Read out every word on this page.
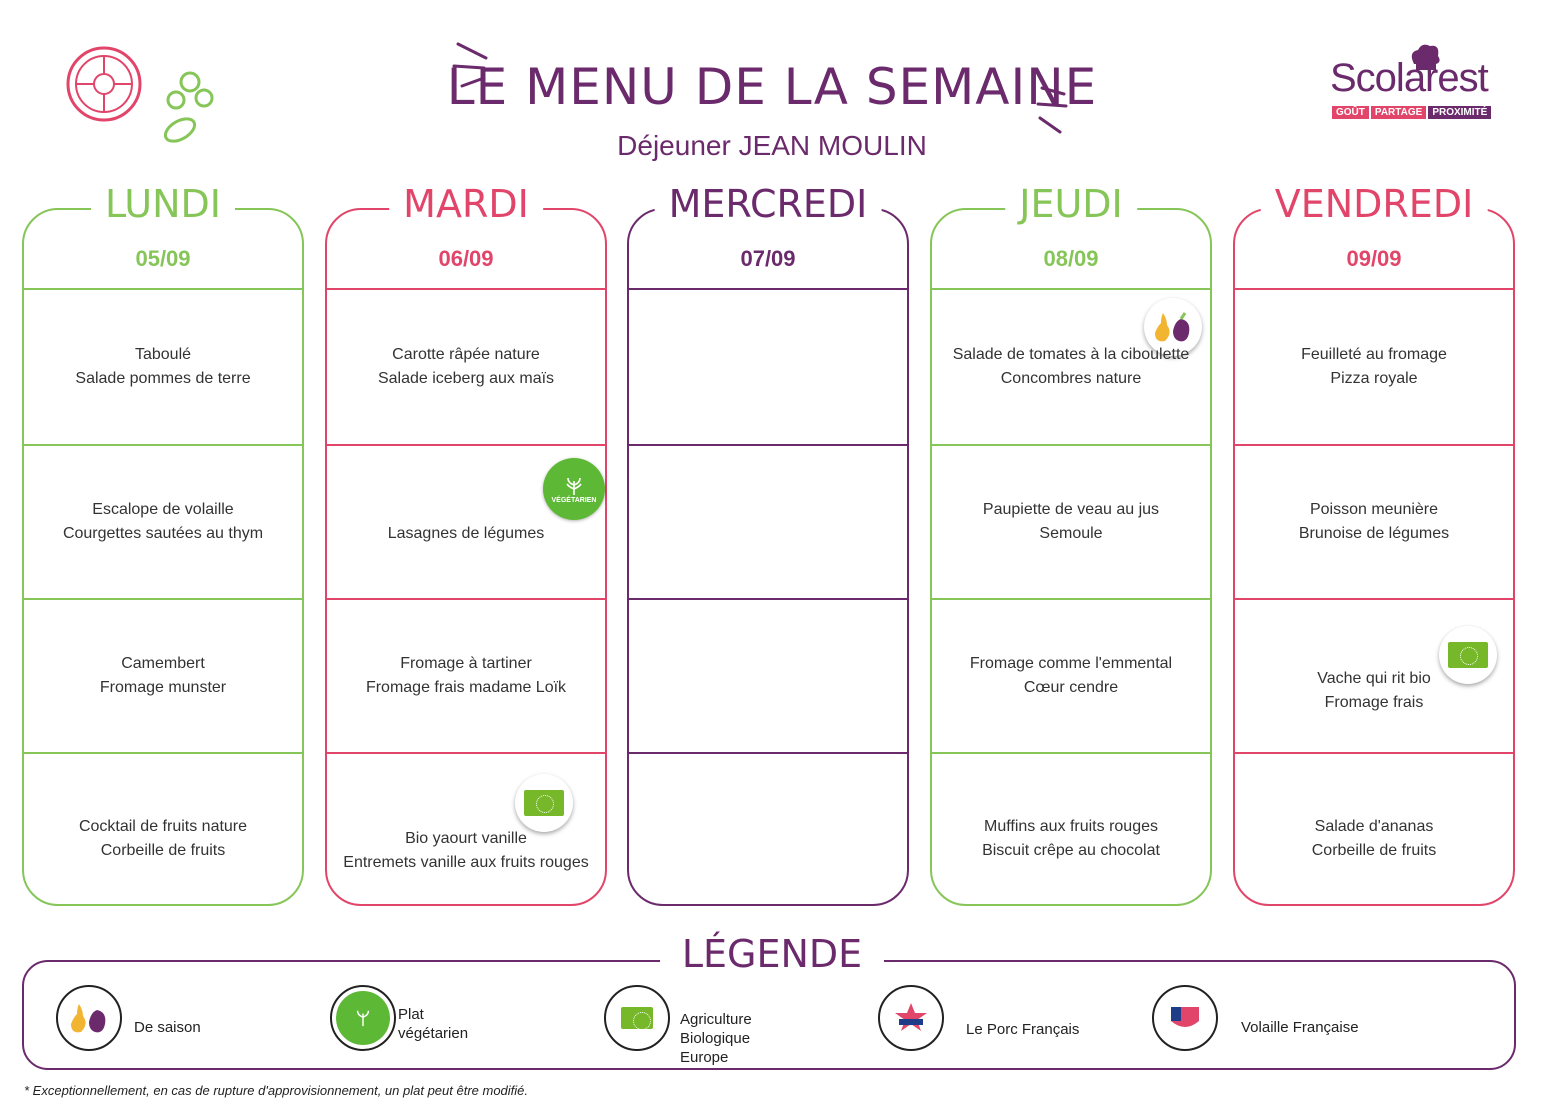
LE MENU DE LA SEMAINE
Déjeuner JEAN MOULIN
Scolarest
GOÛT	PARTAGE	PROXIMITÉ
LUNDI
05/09
Taboulé
Salade pommes de terre
Escalope de volaille
Courgettes sautées au thym
Camembert
Fromage munster
Cocktail de fruits nature
Corbeille de fruits
MARDI
06/09
Carotte râpée nature
Salade iceberg aux maïs
VÉGÉTARIEN
Lasagnes de légumes
Fromage à tartiner
Fromage frais madame Loïk
Bio yaourt vanille
Entremets vanille aux fruits rouges
MERCREDI
07/09
JEUDI
08/09
Salade de tomates à la ciboulette
Concombres nature
Paupiette de veau au jus
Semoule
Fromage comme l'emmental
Cœur cendre
Muffins aux fruits rouges
Biscuit crêpe au chocolat
VENDREDI
09/09
Feuilleté au fromage
Pizza royale
Poisson meunière
Brunoise de légumes
Vache qui rit bio
Fromage frais
Salade d'ananas
Corbeille de fruits
LÉGENDE
De saison
Plat végétarien
Agriculture Biologique Europe
Le Porc Français	Volaille Française
* Exceptionnellement, en cas de rupture d'approvisionnement, un plat peut être modifié.
